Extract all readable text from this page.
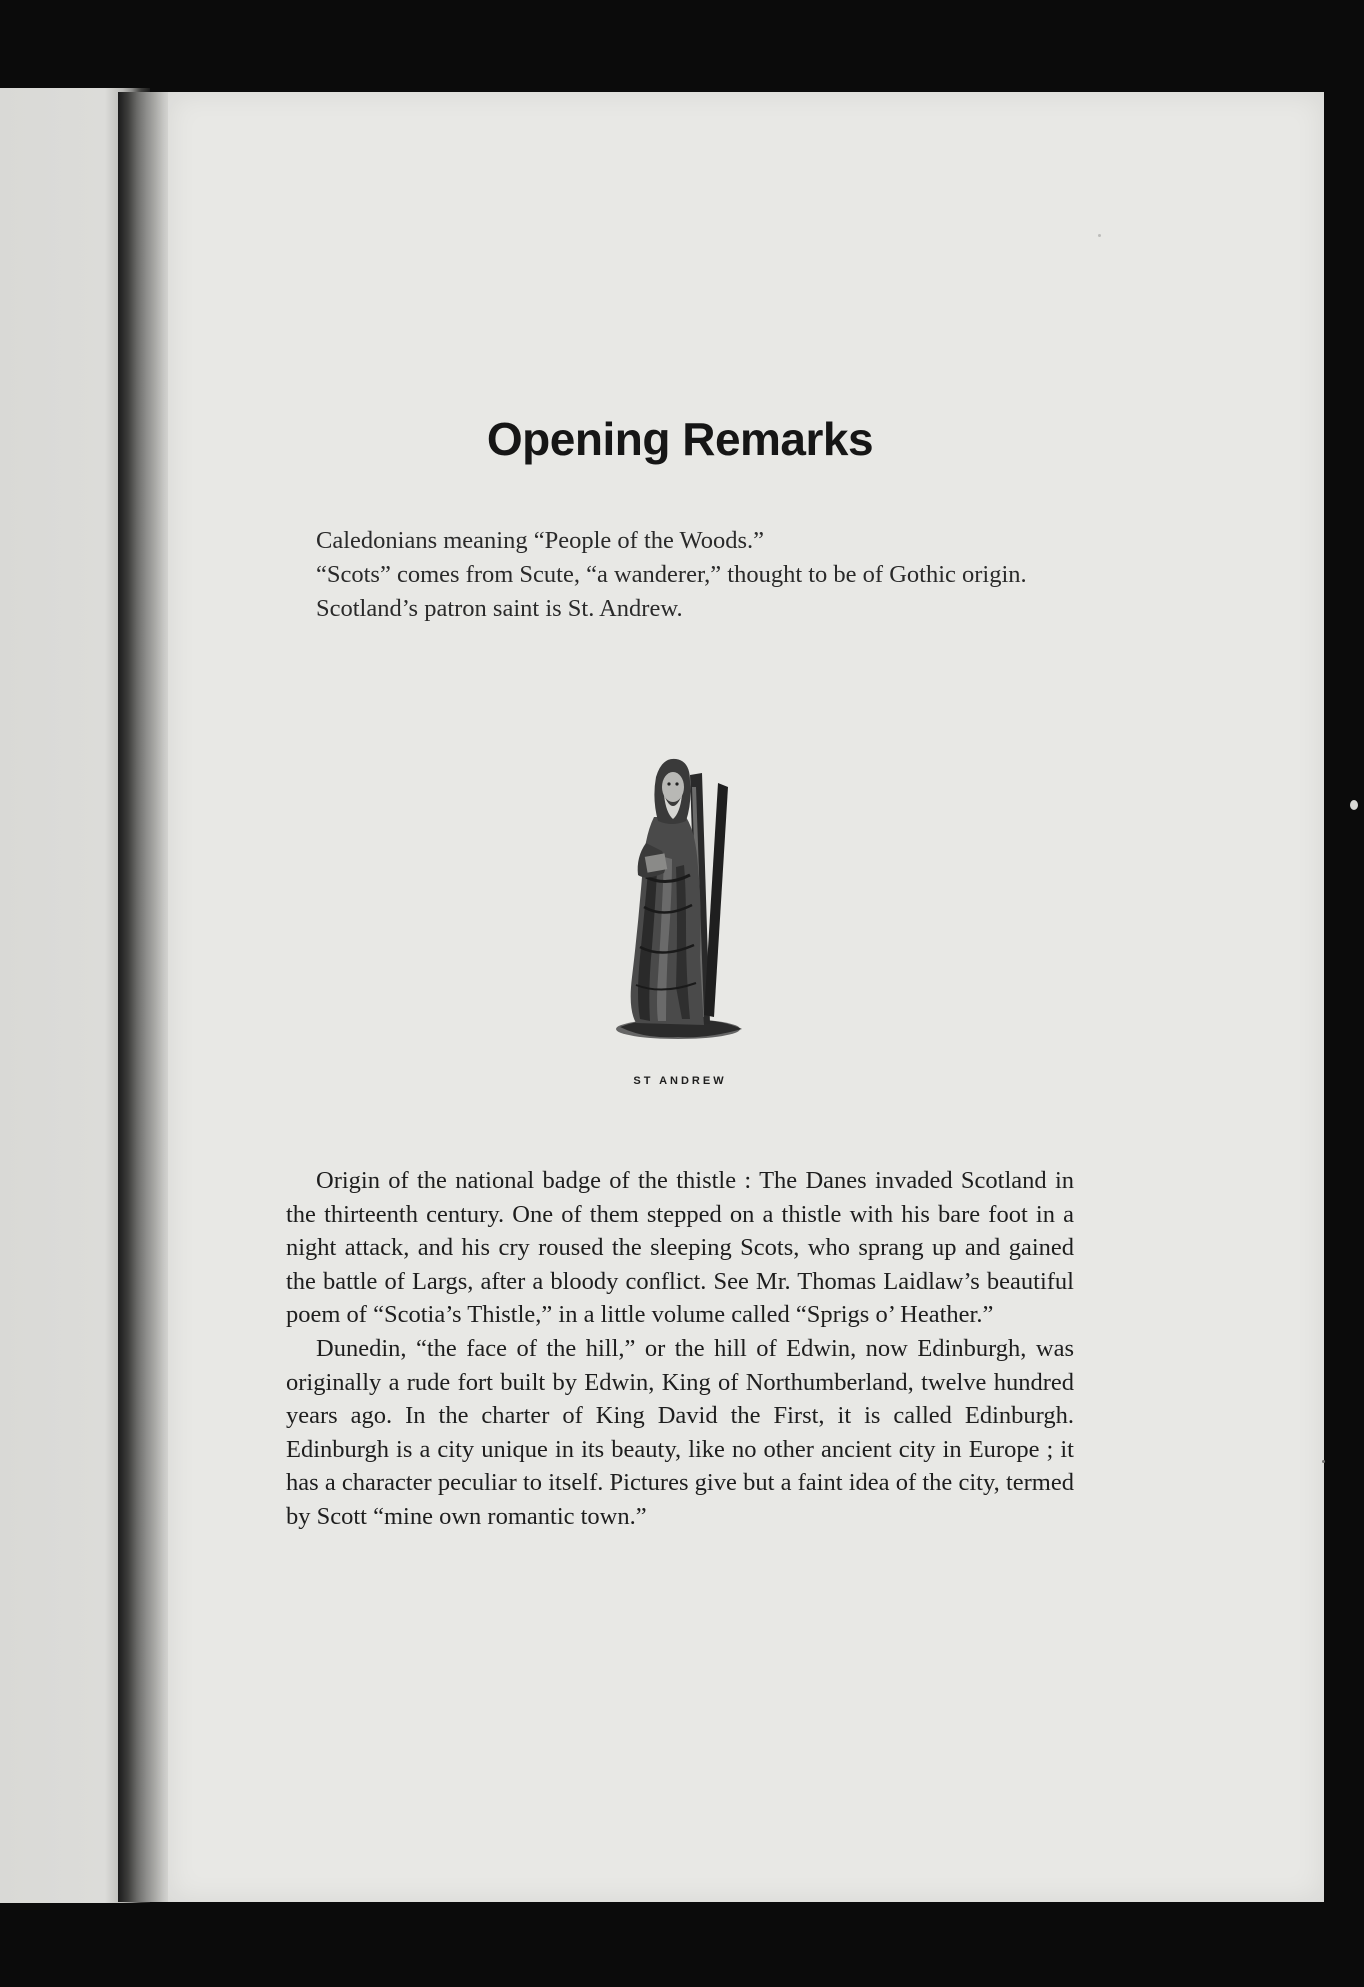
Opening Remarks

Caledonians meaning “People of the Woods.”

“Scots” comes from Scute, “a wanderer,” thought to be of Gothic origin.

Scotland’s patron saint is St. Andrew.

ST ANDREW

Origin of the national badge of the thistle : The Danes invaded Scotland in the thirteenth century. One of them stepped on a thistle with his bare foot in a night attack, and his cry roused the sleeping Scots, who sprang up and gained the battle of Largs, after a bloody conflict. See Mr. Thomas Laidlaw’s beautiful poem of “Scotia’s Thistle,” in a little volume called “Sprigs o’ Heather.”

Dunedin, “the face of the hill,” or the hill of Edwin, now Edinburgh, was originally a rude fort built by Edwin, King of Northumberland, twelve hundred years ago. In the charter of King David the First, it is called Edinburgh. Edinburgh is a city unique in its beauty, like no other ancient city in Europe ; it has a character peculiar to itself. Pictures give but a faint idea of the city, termed by Scott “mine own romantic town.”
